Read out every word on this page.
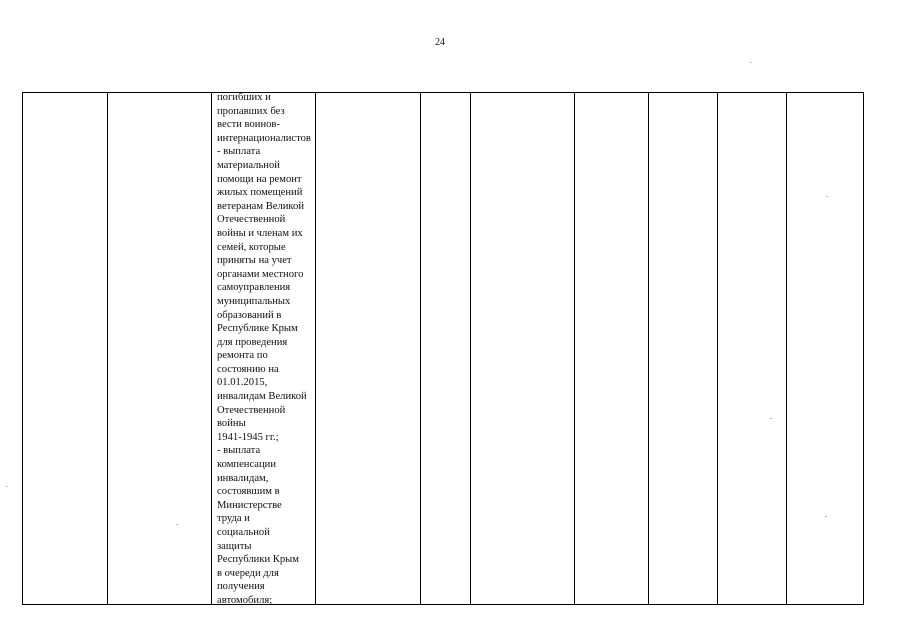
24
погибших и
пропавших без
вести воинов-
интернационалистов
- выплата
материальной
помощи на ремонт
жилых помещений
ветеранам Великой
Отечественной
войны и членам их
семей, которые
приняты на учет
органами местного
самоуправления
муниципальных
образований в
Республике Крым
для проведения
ремонта по
состоянию на
01.01.2015,
инвалидам Великой
Отечественной
войны
1941-1945 гг.;
- выплата
компенсации
инвалидам,
состоявшим в
Министерстве
труда и
социальной
защиты
Республики Крым
в очереди для
получения
автомобиля;
